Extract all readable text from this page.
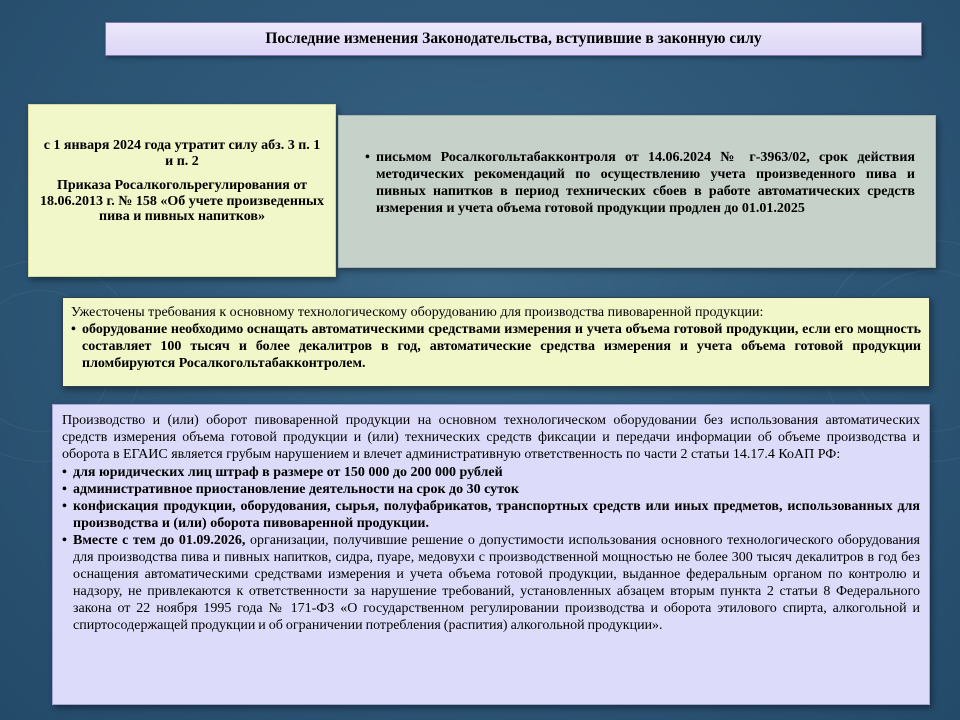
Последние изменения Законодательства, вступившие в законную силу

с 1 января 2024 года утратит силу абз. 3 п. 1 и п. 2

Приказа Росалкогольрегулирования от 18.06.2013 г. № 158 «Об учете произведенных пива и пивных напитков»

• письмом Росалкогольтабакконтроля от 14.06.2024 № г-3963/02, срок действия методических рекомендаций по осуществлению учета произведенного пива и пивных напитков в период технических сбоев в работе автоматических средств измерения и учета объема готовой продукции продлен до 01.01.2025
Ужесточены требования к основному технологическому оборудованию для производства пивоваренной продукции:
• оборудование необходимо оснащать автоматическими средствами измерения и учета объема готовой продукции, если его мощность составляет 100 тысяч и более декалитров в год, автоматические средства измерения и учета объема готовой продукции пломбируются Росалкогольтабакконтролем.
Производство и (или) оборот пивоваренной продукции на основном технологическом оборудовании без использования автоматических средств измерения объема готовой продукции и (или) технических средств фиксации и передачи информации об объеме производства и оборота в ЕГАИС является грубым нарушением и влечет административную ответственность по части 2 статьи 14.17.4 КоАП РФ:
• для юридических лиц штраф в размере от 150 000 до 200 000 рублей
• административное приостановление деятельности на срок до 30 суток
• конфискация продукции, оборудования, сырья, полуфабрикатов, транспортных средств или иных предметов, использованных для производства и (или) оборота пивоваренной продукции.
• Вместе с тем до 01.09.2026, организации, получившие решение о допустимости использования основного технологического оборудования для производства пива и пивных напитков, сидра, пуаре, медовухи с производственной мощностью не более 300 тысяч декалитров в год без оснащения автоматическими средствами измерения и учета объема готовой продукции, выданное федеральным органом по контролю и надзору, не привлекаются к ответственности за нарушение требований, установленных абзацем вторым пункта 2 статьи 8 Федерального закона от 22 ноября 1995 года № 171-ФЗ «О государственном регулировании производства и оборота этилового спирта, алкогольной и спиртосодержащей продукции и об ограничении потребления (распития) алкогольной продукции».
